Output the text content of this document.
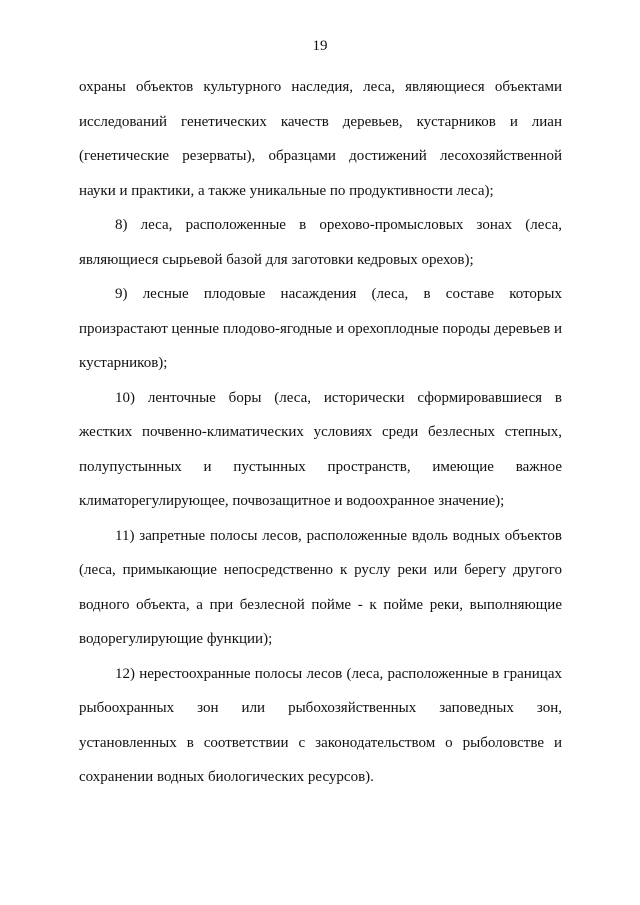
19
охраны объектов культурного наследия, леса, являющиеся объектами
исследований генетических качеств деревьев, кустарников и лиан
(генетические резерваты), образцами достижений лесохозяйственной
науки и практики, а также уникальные по продуктивности леса);
8) леса, расположенные в орехово-промысловых зонах (леса,
являющиеся сырьевой базой для заготовки кедровых орехов);
9) лесные плодовые насаждения (леса, в составе которых
произрастают ценные плодово-ягодные и орехоплодные породы деревьев и
кустарников);
10) ленточные боры (леса, исторически сформировавшиеся в
жестких почвенно-климатических условиях среди безлесных степных,
полупустынных и пустынных пространств, имеющие важное
климаторегулирующее, почвозащитное и водоохранное значение);
11) запретные полосы лесов, расположенные вдоль водных объектов
(леса, примыкающие непосредственно к руслу реки или берегу другого
водного объекта, а при безлесной пойме - к пойме реки, выполняющие
водорегулирующие функции);
12) нерестоохранные полосы лесов (леса, расположенные в границах
рыбоохранных зон или рыбохозяйственных заповедных зон,
установленных в соответствии с законодательством о рыболовстве и
сохранении водных биологических ресурсов).
